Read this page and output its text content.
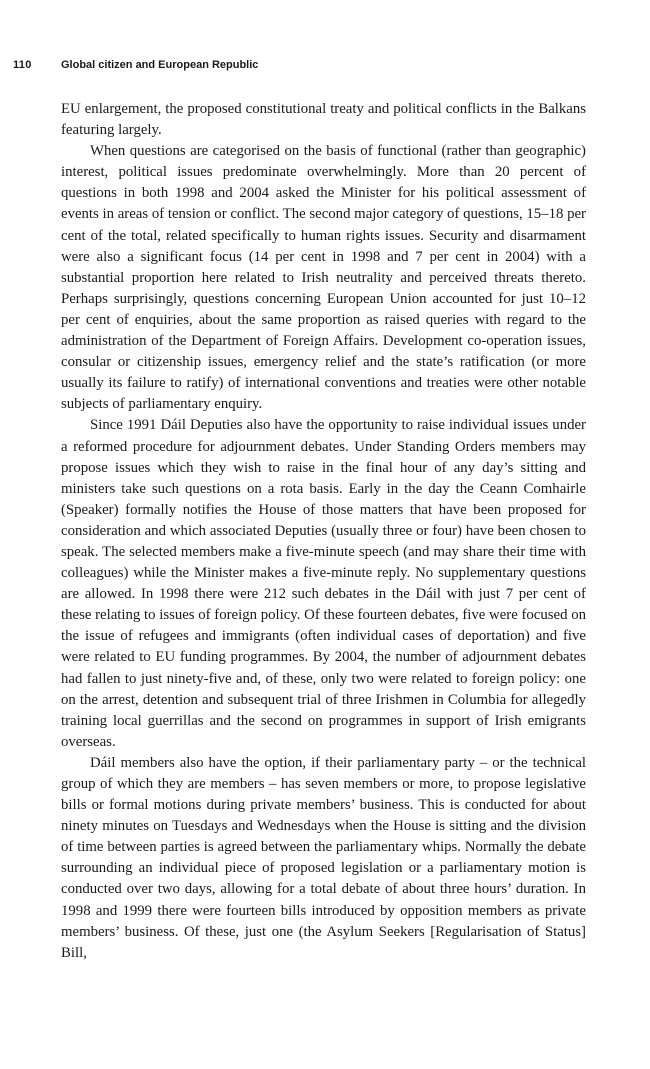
110	Global citizen and European Republic

EU enlargement, the proposed constitutional treaty and political conflicts in the Balkans featuring largely.

When questions are categorised on the basis of functional (rather than geographic) interest, political issues predominate overwhelmingly. More than 20 percent of questions in both 1998 and 2004 asked the Minister for his political assessment of events in areas of tension or conflict. The second major category of questions, 15–18 per cent of the total, related specifically to human rights issues. Security and disarmament were also a significant focus (14 per cent in 1998 and 7 per cent in 2004) with a substantial proportion here related to Irish neutrality and perceived threats thereto. Perhaps surprisingly, questions concerning European Union accounted for just 10–12 per cent of enquiries, about the same proportion as raised queries with regard to the administration of the Department of Foreign Affairs. Development co-operation issues, consular or citizenship issues, emergency relief and the state’s ratification (or more usually its failure to ratify) of international conventions and treaties were other notable subjects of parliamentary enquiry.

Since 1991 Dáil Deputies also have the opportunity to raise individual issues under a reformed procedure for adjournment debates. Under Standing Orders members may propose issues which they wish to raise in the final hour of any day’s sitting and ministers take such questions on a rota basis. Early in the day the Ceann Comhairle (Speaker) formally notifies the House of those matters that have been proposed for consideration and which associated Deputies (usually three or four) have been chosen to speak. The selected members make a five-minute speech (and may share their time with colleagues) while the Minister makes a five-minute reply. No supplementary questions are allowed. In 1998 there were 212 such debates in the Dáil with just 7 per cent of these relating to issues of foreign policy. Of these fourteen debates, five were focused on the issue of refugees and immigrants (often individual cases of deportation) and five were related to EU funding programmes. By 2004, the number of adjournment debates had fallen to just ninety-five and, of these, only two were related to foreign policy: one on the arrest, detention and subsequent trial of three Irishmen in Columbia for allegedly training local guerrillas and the second on programmes in support of Irish emigrants overseas.

Dáil members also have the option, if their parliamentary party – or the technical group of which they are members – has seven members or more, to propose legislative bills or formal motions during private members’ business. This is conducted for about ninety minutes on Tuesdays and Wednesdays when the House is sitting and the division of time between parties is agreed between the parliamentary whips. Normally the debate surrounding an individual piece of proposed legislation or a parliamentary motion is conducted over two days, allowing for a total debate of about three hours’ duration. In 1998 and 1999 there were fourteen bills introduced by opposition members as private members’ business. Of these, just one (the Asylum Seekers [Regularisation of Status] Bill,
